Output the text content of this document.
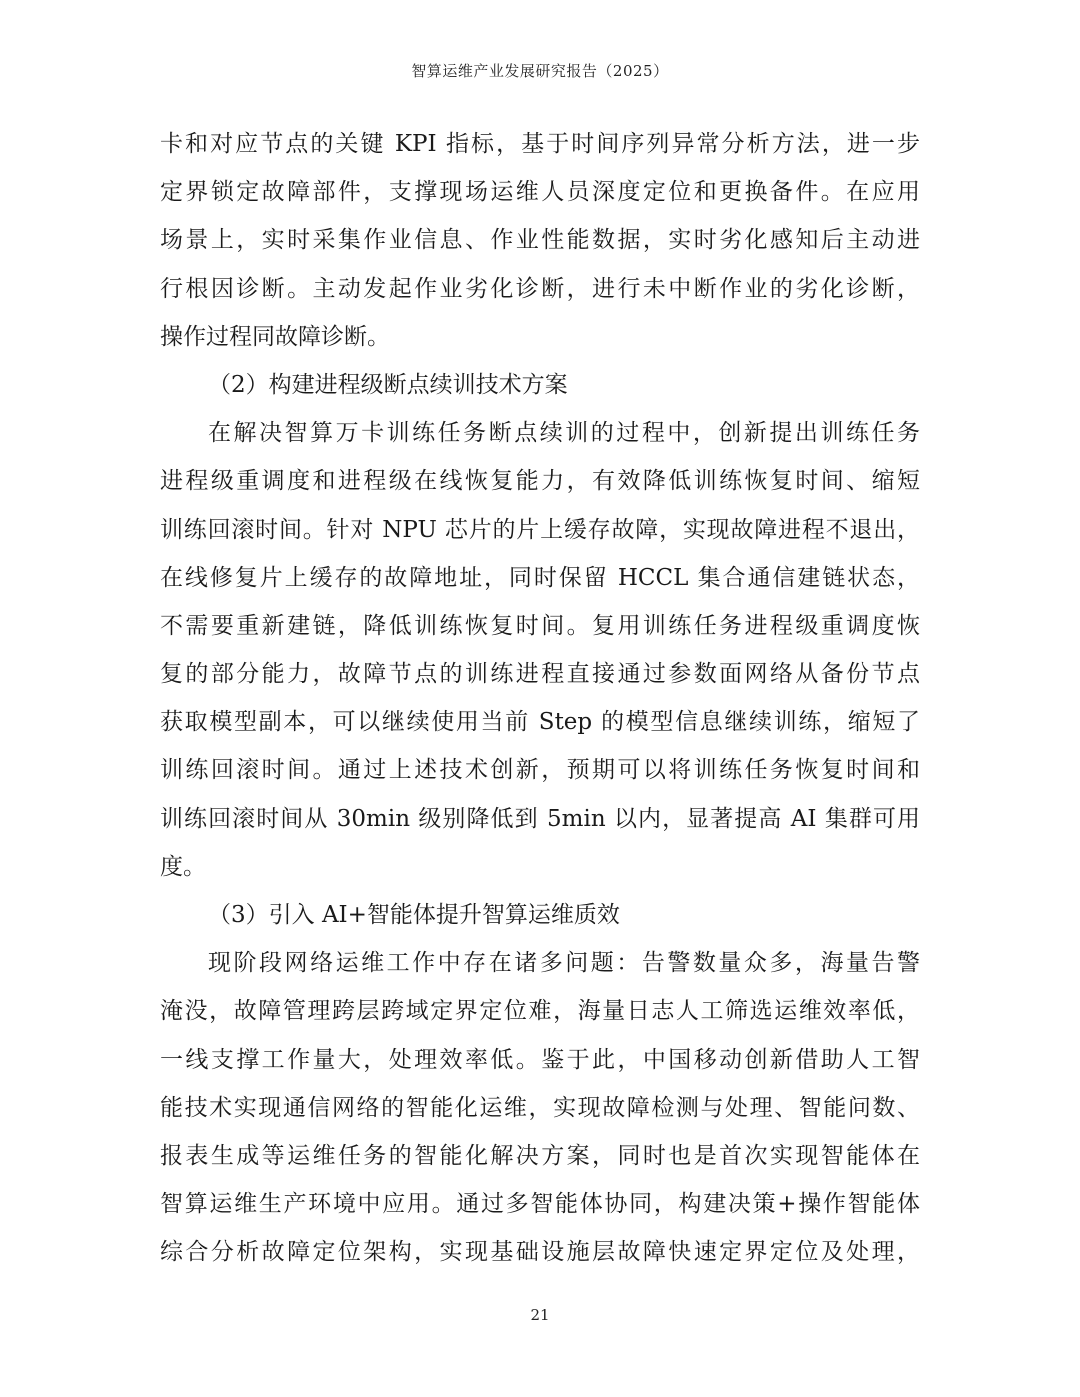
智算运维产业发展研究报告（2025）
卡和对应节点的关键 KPI 指标，基于时间序列异常分析方法，进一步
定界锁定故障部件，支撑现场运维人员深度定位和更换备件。在应用
场景上，实时采集作业信息、作业性能数据，实时劣化感知后主动进
行根因诊断。主动发起作业劣化诊断，进行未中断作业的劣化诊断，
操作过程同故障诊断。
（2）构建进程级断点续训技术方案
在解决智算万卡训练任务断点续训的过程中，创新提出训练任务
进程级重调度和进程级在线恢复能力，有效降低训练恢复时间、缩短
训练回滚时间。针对 NPU 芯片的片上缓存故障，实现故障进程不退出，
在线修复片上缓存的故障地址，同时保留 HCCL 集合通信建链状态，
不需要重新建链，降低训练恢复时间。复用训练任务进程级重调度恢
复的部分能力，故障节点的训练进程直接通过参数面网络从备份节点
获取模型副本，可以继续使用当前 Step 的模型信息继续训练，缩短了
训练回滚时间。通过上述技术创新，预期可以将训练任务恢复时间和
训练回滚时间从 30min 级别降低到 5min 以内，显著提高 AI 集群可用
度。
（3）引入 AI+智能体提升智算运维质效
现阶段网络运维工作中存在诸多问题：告警数量众多，海量告警
淹没，故障管理跨层跨域定界定位难，海量日志人工筛选运维效率低，
一线支撑工作量大，处理效率低。鉴于此，中国移动创新借助人工智
能技术实现通信网络的智能化运维，实现故障检测与处理、智能问数、
报表生成等运维任务的智能化解决方案，同时也是首次实现智能体在
智算运维生产环境中应用。通过多智能体协同，构建决策+操作智能体
综合分析故障定位架构，实现基础设施层故障快速定界定位及处理，
21
